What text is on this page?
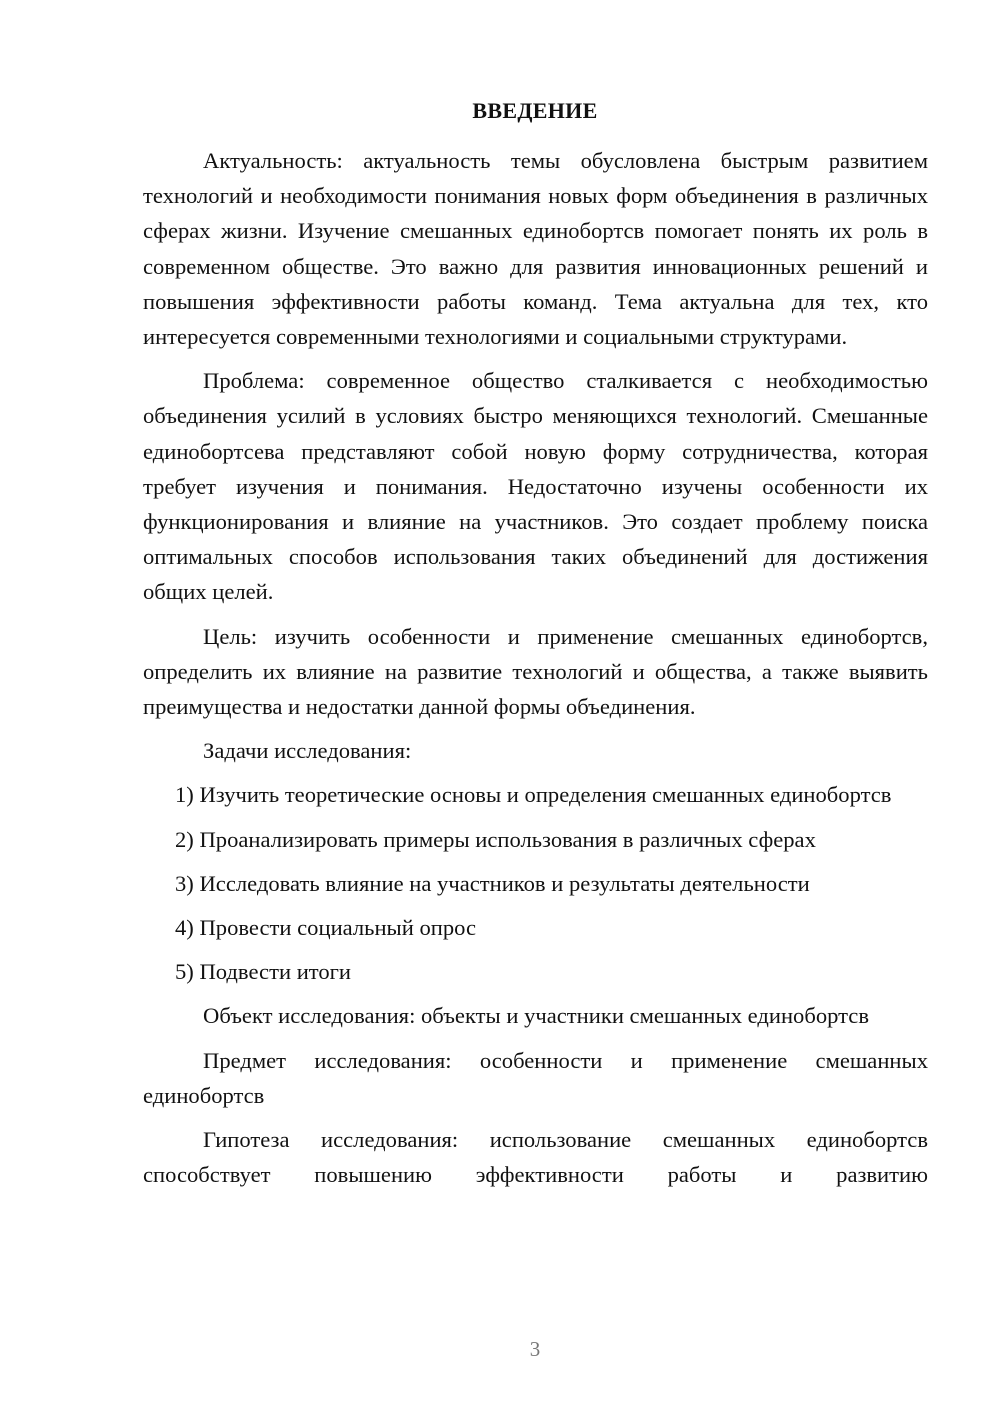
ВВЕДЕНИЕ

Актуальность: актуальность темы обусловлена быстрым развитием технологий и необходимости понимания новых форм объединения в различных сферах жизни. Изучение смешанных единобортсв помогает понять их роль в современном обществе. Это важно для развития инновационных решений и повышения эффективности работы команд. Тема актуальна для тех, кто интересуется современными технологиями и социальными структурами.

Проблема: современное общество сталкивается с необходимостью объединения усилий в условиях быстро меняющихся технологий. Смешанные единобортсева представляют собой новую форму сотрудничества, которая требует изучения и понимания. Недостаточно изучены особенности их функционирования и влияние на участников. Это создает проблему поиска оптимальных способов использования таких объединений для достижения общих целей.

Цель: изучить особенности и применение смешанных единобортсв, определить их влияние на развитие технологий и общества, а также выявить преимущества и недостатки данной формы объединения.

Задачи исследования:

1) Изучить теоретические основы и определения смешанных единобортсв

2) Проанализировать примеры использования в различных сферах

3) Исследовать влияние на участников и результаты деятельности

4) Провести социальный опрос

5) Подвести итоги

Объект исследования: объекты и участники смешанных единобортсв

Предмет исследования: особенности и применение смешанных единобортсв

Гипотеза исследования: использование смешанных единобортсв способствует повышению эффективности работы и развитию

3
